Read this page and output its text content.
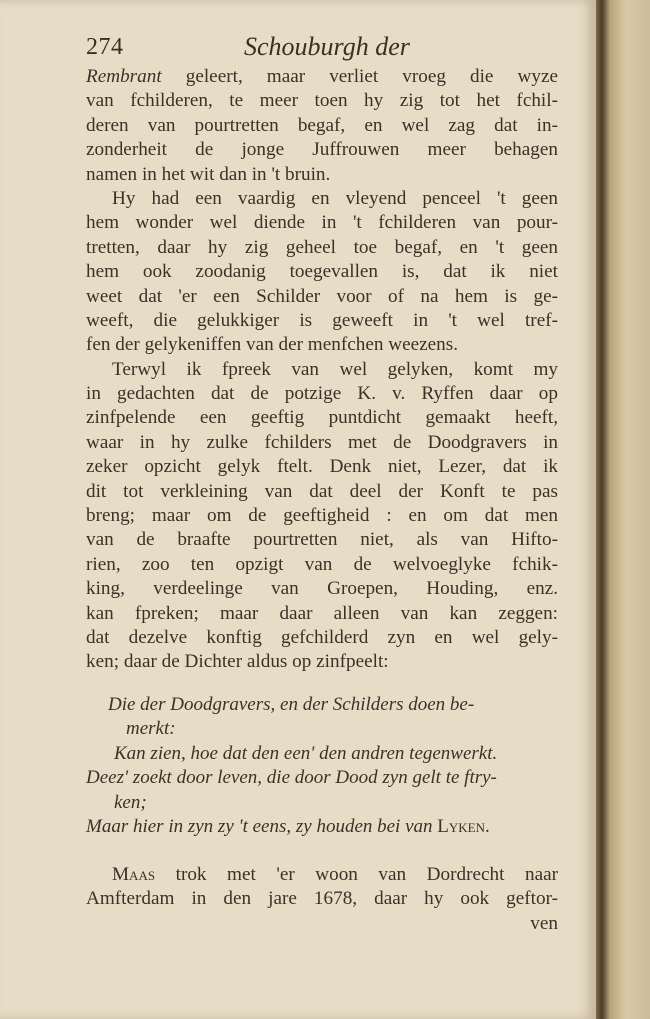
274	Schouburgh der
Rembrant geleert, maar verliet vroeg die wyze
van fchilderen, te meer toen hy zig tot het fchil-
deren van pourtretten begaf, en wel zag dat in-
zonderheit de jonge Juffrouwen meer behagen
namen in het wit dan in 't bruin.
Hy had een vaardig en vleyend penceel 't geen
hem wonder wel diende in 't fchilderen van pour-
tretten, daar hy zig geheel toe begaf, en 't geen
hem ook zoodanig toegevallen is, dat ik niet
weet dat 'er een Schilder voor of na hem is ge-
weeft, die gelukkiger is geweeft in 't wel tref-
fen der gelykeniffen van der menfchen weezens.
Terwyl ik fpreek van wel gelyken, komt my
in gedachten dat de potzige K. v. Ryffen daar op
zinfpelende een geeftig puntdicht gemaakt heeft,
waar in hy zulke fchilders met de Doodgravers in
zeker opzicht gelyk ftelt. Denk niet, Lezer, dat ik
dit tot verkleining van dat deel der Konft te pas
breng; maar om de geeftigheid : en om dat men
van de braafte pourtretten niet, als van Hifto-
rien, zoo ten opzigt van de welvoeglyke fchik-
king, verdeelinge van Groepen, Houding, enz.
kan fpreken; maar daar alleen van kan zeggen:
dat dezelve konftig gefchilderd zyn en wel gely-
ken; daar de Dichter aldus op zinfpeelt:
Die der Doodgravers, en der Schilders doen be-
merkt:
Kan zien, hoe dat den een' den andren tegenwerkt.
Deez' zoekt door leven, die door Dood zyn gelt te ftry-
ken;
Maar hier in zyn zy 't eens, zy houden bei van Lyken.
Maas trok met 'er woon van Dordrecht naar
Amfterdam in den jare 1678, daar hy ook geftor-
ven
